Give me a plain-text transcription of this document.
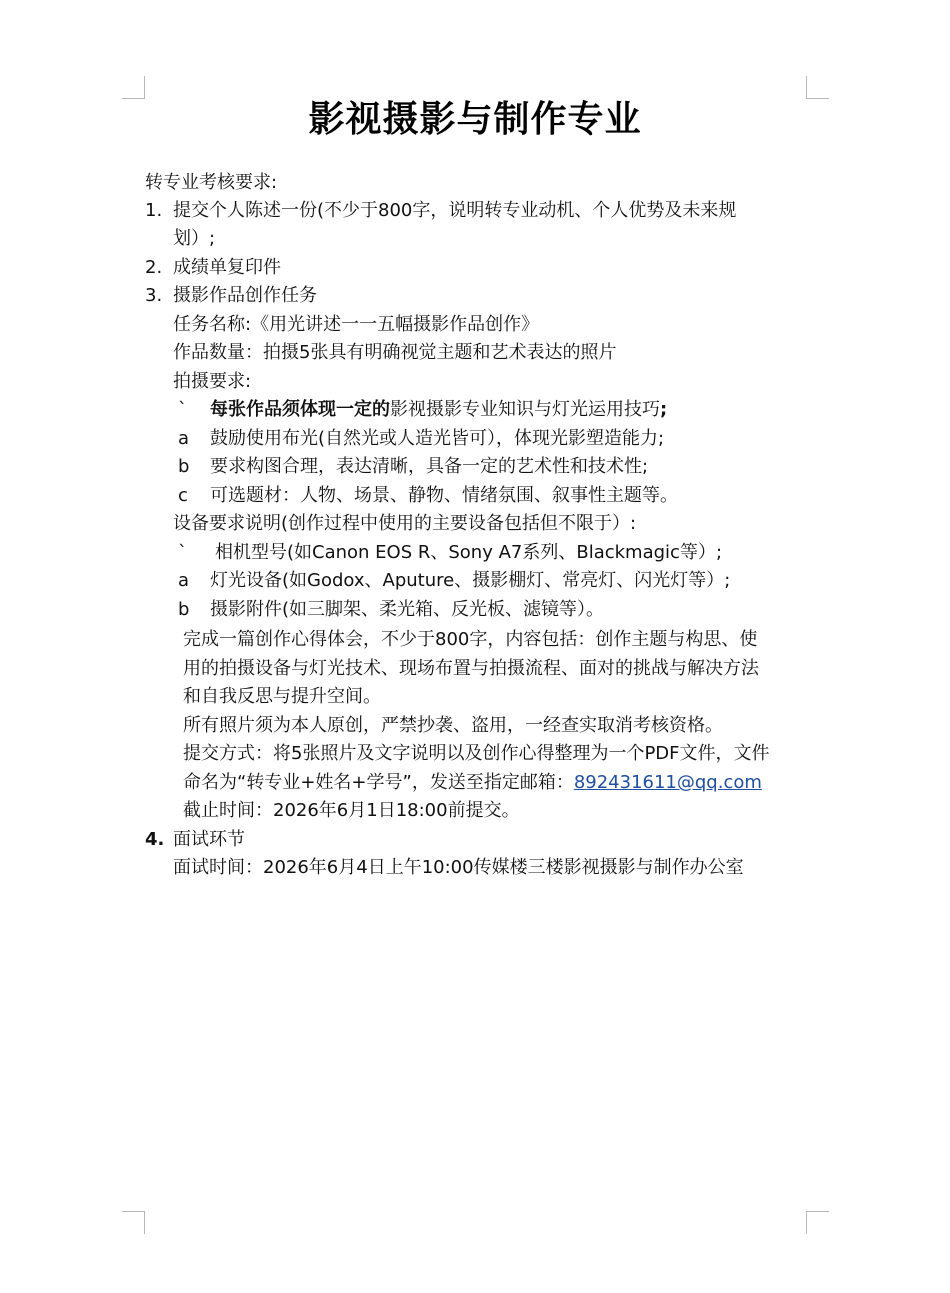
影视摄影与制作专业
转专业考核要求:
1. 提交个人陈述一份(不少于800字，说明转专业动机、个人优势及未来规
划）;
2. 成绩单复印件
3. 摄影作品创作任务
任务名称:《用光讲述一一五幅摄影作品创作》
作品数量：拍摄5张具有明确视觉主题和艺术表达的照片
拍摄要求:
` 每张作品须体现一定的影视摄影专业知识与灯光运用技巧;
a 鼓励使用布光(自然光或人造光皆可），体现光影塑造能力;
b 要求构图合理，表达清晰，具备一定的艺术性和技术性;
c 可选题材：人物、场景、静物、情绪氛围、叙事性主题等。
设备要求说明(创作过程中使用的主要设备包括但不限于）:
` 相机型号(如Canon EOS R、Sony A7系列、Blackmagic等）;
a 灯光设备(如Godox、Aputure、摄影棚灯、常亮灯、闪光灯等）;
b 摄影附件(如三脚架、柔光箱、反光板、滤镜等）。
完成一篇创作心得体会，不少于800字，内容包括：创作主题与构思、使
用的拍摄设备与灯光技术、现场布置与拍摄流程、面对的挑战与解决方法
和自我反思与提升空间。
所有照片须为本人原创，严禁抄袭、盗用，一经查实取消考核资格。
提交方式：将5张照片及文字说明以及创作心得整理为一个PDF文件，文件
命名为“转专业+姓名+学号”，发送至指定邮箱：892431611@qq.com
截止时间：2026年6月1日18:00前提交。
4. 面试环节
面试时间：2026年6月4日上午10:00传媒楼三楼影视摄影与制作办公室
